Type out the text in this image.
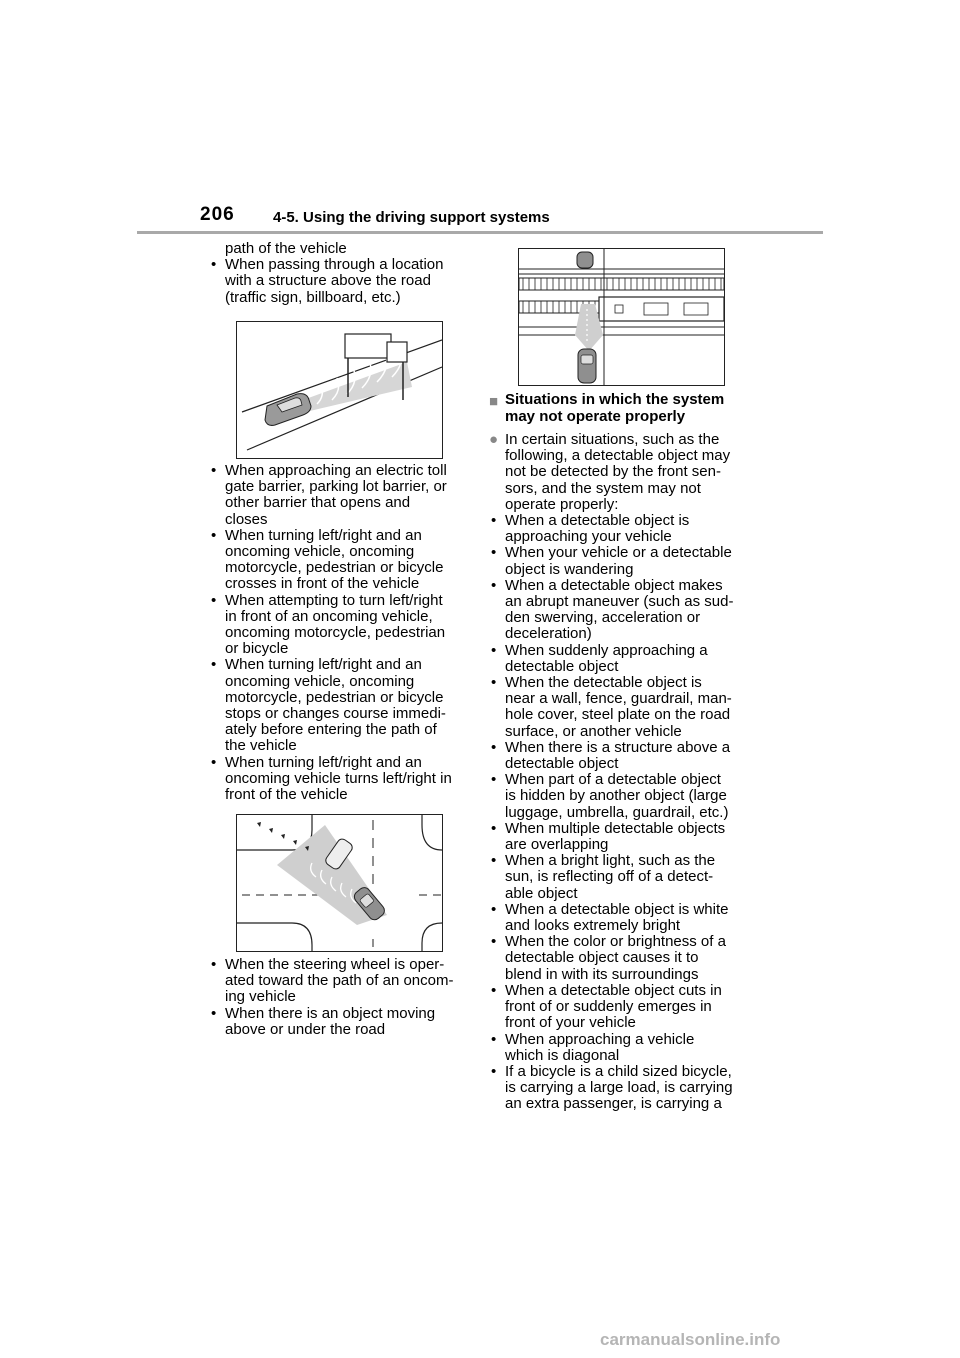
206	4-5. Using the driving support systems
path of the vehicle
• When passing through a location
with a structure above the road
(traffic sign, billboard, etc.)
• When approaching an electric toll
gate barrier, parking lot barrier, or
other barrier that opens and
closes
• When turning left/right and an
oncoming vehicle, oncoming
motorcycle, pedestrian or bicycle
crosses in front of the vehicle
• When attempting to turn left/right
in front of an oncoming vehicle,
oncoming motorcycle, pedestrian
or bicycle
• When turning left/right and an
oncoming vehicle, oncoming
motorcycle, pedestrian or bicycle
stops or changes course immedi-
ately before entering the path of
the vehicle
• When turning left/right and an
oncoming vehicle turns left/right in
front of the vehicle
• When the steering wheel is oper-
ated toward the path of an oncom-
ing vehicle
• When there is an object moving
above or under the road
■ Situations in which the system
may not operate properly
● In certain situations, such as the
following, a detectable object may
not be detected by the front sen-
sors, and the system may not
operate properly:
• When a detectable object is
approaching your vehicle
• When your vehicle or a detectable
object is wandering
• When a detectable object makes
an abrupt maneuver (such as sud-
den swerving, acceleration or
deceleration)
• When suddenly approaching a
detectable object
• When the detectable object is
near a wall, fence, guardrail, man-
hole cover, steel plate on the road
surface, or another vehicle
• When there is a structure above a
detectable object
• When part of a detectable object
is hidden by another object (large
luggage, umbrella, guardrail, etc.)
• When multiple detectable objects
are overlapping
• When a bright light, such as the
sun, is reflecting off of a detect-
able object
• When a detectable object is white
and looks extremely bright
• When the color or brightness of a
detectable object causes it to
blend in with its surroundings
• When a detectable object cuts in
front of or suddenly emerges in
front of your vehicle
• When approaching a vehicle
which is diagonal
• If a bicycle is a child sized bicycle,
is carrying a large load, is carrying
an extra passenger, is carrying a
carmanualsonline.info
